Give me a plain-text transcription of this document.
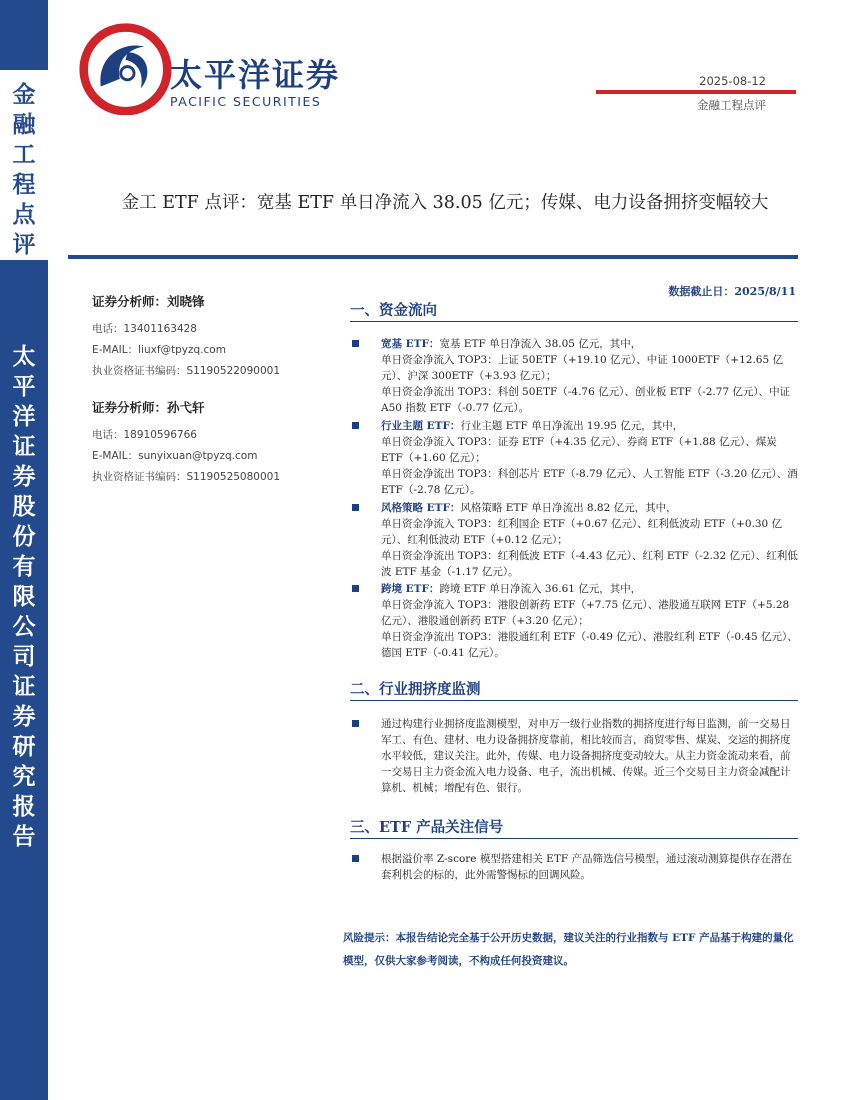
金融工程点评
太平洋证券股份有限公司证券研究报告
太平洋证券
PACIFIC SECURITIES
2025-08-12
金融工程点评
金工 ETF 点评：宽基 ETF 单日净流入 38.05 亿元；传媒、电力设备拥挤变幅较大
证券分析师：刘晓锋
电话：13401163428
E-MAIL：liuxf@tpyzq.com
执业资格证书编码：S1190522090001
证券分析师：孙弋轩
电话：18910596766
E-MAIL：sunyixuan@tpyzq.com
执业资格证书编码：S1190525080001
数据截止日：2025/8/11
一、资金流向
宽基 ETF：宽基 ETF 单日净流入 38.05 亿元，其中，
单日资金净流入 TOP3：上证 50ETF（+19.10 亿元）、中证 1000ETF（+12.65 亿元）、沪深 300ETF（+3.93 亿元）；
单日资金净流出 TOP3：科创 50ETF（-4.76 亿元）、创业板 ETF（-2.77 亿元）、中证 A50 指数 ETF（-0.77 亿元）。
行业主题 ETF：行业主题 ETF 单日净流出 19.95 亿元，其中，
单日资金净流入 TOP3：证券 ETF（+4.35 亿元）、券商 ETF（+1.88 亿元）、煤炭 ETF（+1.60 亿元）；
单日资金净流出 TOP3：科创芯片 ETF（-8.79 亿元）、人工智能 ETF（-3.20 亿元）、酒 ETF（-2.78 亿元）。
风格策略 ETF：风格策略 ETF 单日净流出 8.82 亿元，其中，
单日资金净流入 TOP3：红利国企 ETF（+0.67 亿元）、红利低波动 ETF（+0.30 亿元）、红利低波动 ETF（+0.12 亿元）；
单日资金净流出 TOP3：红利低波 ETF（-4.43 亿元）、红利 ETF（-2.32 亿元）、红利低波 ETF 基金（-1.17 亿元）。
跨境 ETF：跨境 ETF 单日净流入 36.61 亿元，其中，
单日资金净流入 TOP3：港股创新药 ETF（+7.75 亿元）、港股通互联网 ETF（+5.28 亿元）、港股通创新药 ETF（+3.20 亿元）；
单日资金净流出 TOP3：港股通红利 ETF（-0.49 亿元）、港股红利 ETF（-0.45 亿元）、德国 ETF（-0.41 亿元）。
二、行业拥挤度监测
通过构建行业拥挤度监测模型，对申万一级行业指数的拥挤度进行每日监测，前一交易日军工、有色、建材、电力设备拥挤度靠前，相比较而言，商贸零售、煤炭、交运的拥挤度水平较低，建议关注。此外，传媒、电力设备拥挤度变动较大。从主力资金流动来看，前一交易日主力资金流入电力设备、电子，流出机械、传媒。近三个交易日主力资金减配计算机、机械；增配有色、银行。
三、ETF 产品关注信号
根据溢价率 Z-score 模型搭建相关 ETF 产品筛选信号模型，通过滚动测算提供存在潜在套利机会的标的，此外需警惕标的回调风险。
风险提示：本报告结论完全基于公开历史数据，建议关注的行业指数与 ETF 产品基于构建的量化模型，仅供大家参考阅读，不构成任何投资建议。
